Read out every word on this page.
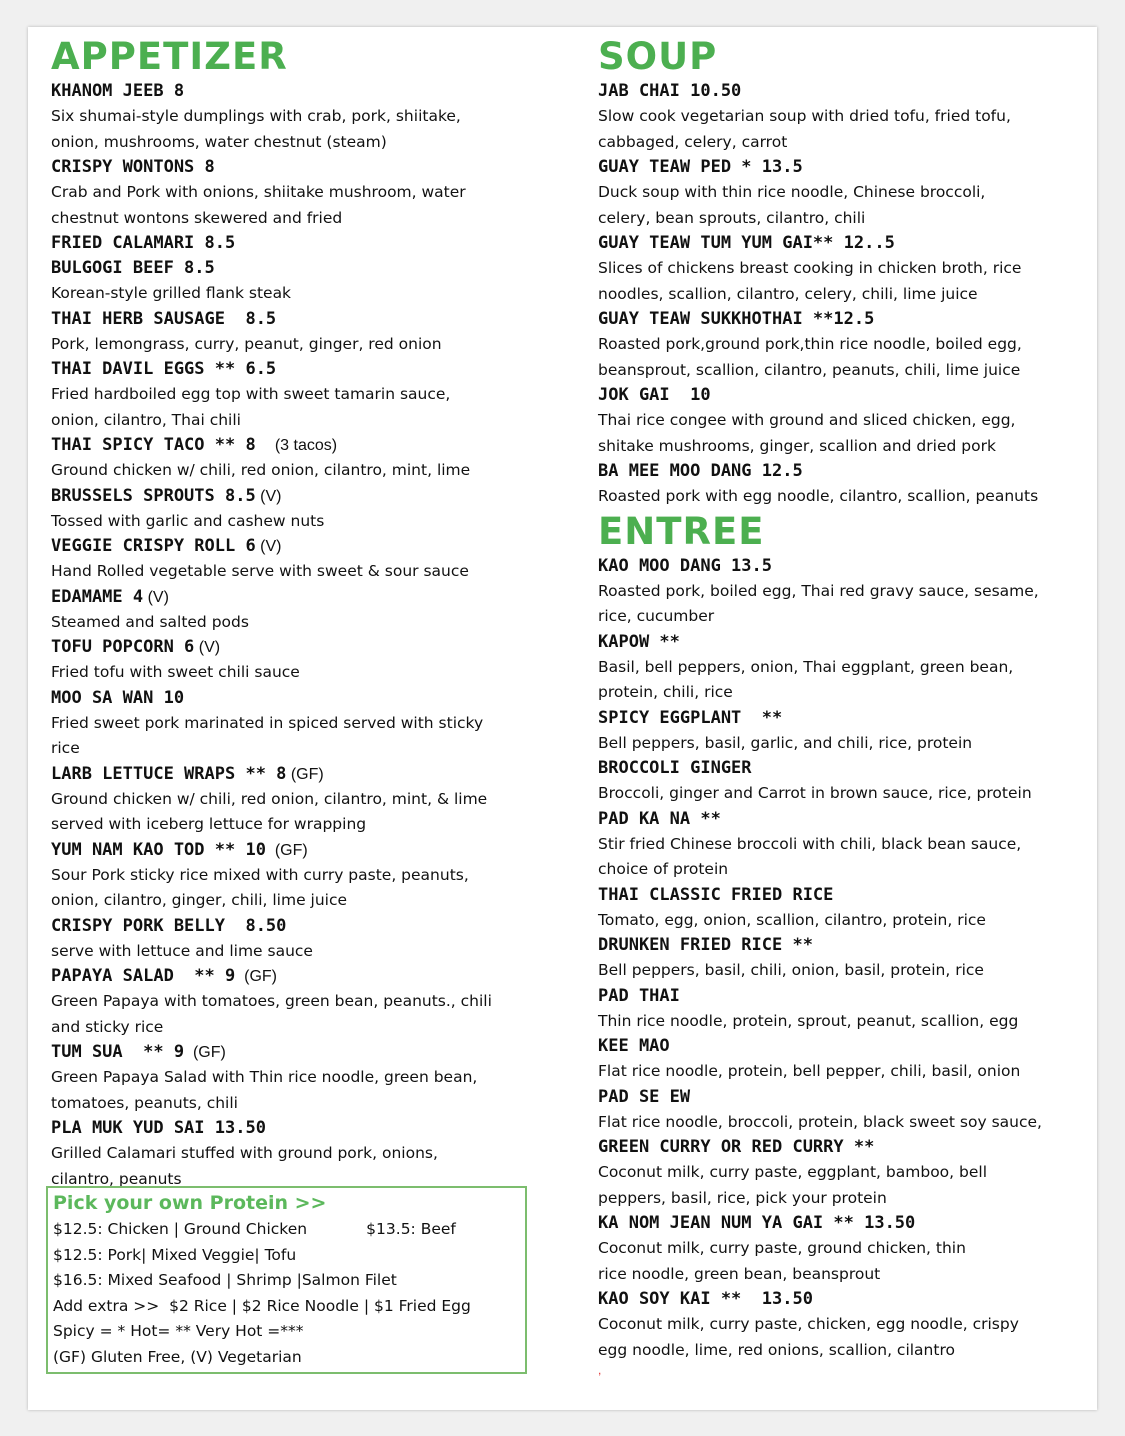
APPETIZER
KHANOM JEEB 8
Six shumai-style dumplings with crab, pork, shiitake,
onion, mushrooms, water chestnut (steam)
CRISPY WONTONS 8
Crab and Pork with onions, shiitake mushroom, water
chestnut wontons skewered and fried
FRIED CALAMARI 8.5
BULGOGI BEEF 8.5
Korean-style grilled flank steak
THAI HERB SAUSAGE  8.5
Pork, lemongrass, curry, peanut, ginger, red onion
THAI DAVIL EGGS ** 6.5
Fried hardboiled egg top with sweet tamarin sauce,
onion, cilantro, Thai chili
THAI SPICY TACO ** 8   (3 tacos)
Ground chicken w/ chili, red onion, cilantro, mint, lime
BRUSSELS SPROUTS 8.5 (V)
Tossed with garlic and cashew nuts
VEGGIE CRISPY ROLL 6 (V)
Hand Rolled vegetable serve with sweet & sour sauce
EDAMAME 4 (V)
Steamed and salted pods
TOFU POPCORN 6 (V)
Fried tofu with sweet chili sauce
MOO SA WAN 10
Fried sweet pork marinated in spiced served with sticky
rice
LARB LETTUCE WRAPS ** 8 (GF)
Ground chicken w/ chili, red onion, cilantro, mint, & lime
served with iceberg lettuce for wrapping
YUM NAM KAO TOD ** 10  (GF)
Sour Pork sticky rice mixed with curry paste, peanuts,
onion, cilantro, ginger, chili, lime juice
CRISPY PORK BELLY  8.50
serve with lettuce and lime sauce
PAPAYA SALAD  ** 9  (GF)
Green Papaya with tomatoes, green bean, peanuts., chili
and sticky rice
TUM SUA  ** 9  (GF)
Green Papaya Salad with Thin rice noodle, green bean,
tomatoes, peanuts, chili
PLA MUK YUD SAI 13.50
Grilled Calamari stuffed with ground pork, onions,
cilantro, peanuts
Pick your own Protein >>
$12.5: Chicken | Ground Chicken            $13.5: Beef
$12.5: Pork| Mixed Veggie| Tofu
$16.5: Mixed Seafood | Shrimp |Salmon Filet
Add extra >>  $2 Rice | $2 Rice Noodle | $1 Fried Egg
Spicy = * Hot= ** Very Hot =***
(GF) Gluten Free, (V) Vegetarian
SOUP
JAB CHAI 10.50
Slow cook vegetarian soup with dried tofu, fried tofu,
cabbaged, celery, carrot
GUAY TEAW PED * 13.5
Duck soup with thin rice noodle, Chinese broccoli,
celery, bean sprouts, cilantro, chili
GUAY TEAW TUM YUM GAI** 12..5
Slices of chickens breast cooking in chicken broth, rice
noodles, scallion, cilantro, celery, chili, lime juice
GUAY TEAW SUKKHOTHAI **12.5
Roasted pork,ground pork,thin rice noodle, boiled egg,
beansprout, scallion, cilantro, peanuts, chili, lime juice
JOK GAI  10
Thai rice congee with ground and sliced chicken, egg,
shitake mushrooms, ginger, scallion and dried pork
BA MEE MOO DANG 12.5
Roasted pork with egg noodle, cilantro, scallion, peanuts
ENTREE
KAO MOO DANG 13.5
Roasted pork, boiled egg, Thai red gravy sauce, sesame,
rice, cucumber
KAPOW **
Basil, bell peppers, onion, Thai eggplant, green bean,
protein, chili, rice
SPICY EGGPLANT  **
Bell peppers, basil, garlic, and chili, rice, protein
BROCCOLI GINGER
Broccoli, ginger and Carrot in brown sauce, rice, protein
PAD KA NA **
Stir fried Chinese broccoli with chili, black bean sauce,
choice of protein
THAI CLASSIC FRIED RICE
Tomato, egg, onion, scallion, cilantro, protein, rice
DRUNKEN FRIED RICE **
Bell peppers, basil, chili, onion, basil, protein, rice
PAD THAI
Thin rice noodle, protein, sprout, peanut, scallion, egg
KEE MAO
Flat rice noodle, protein, bell pepper, chili, basil, onion
PAD SE EW
Flat rice noodle, broccoli, protein, black sweet soy sauce,
GREEN CURRY OR RED CURRY **
Coconut milk, curry paste, eggplant, bamboo, bell
peppers, basil, rice, pick your protein
KA NOM JEAN NUM YA GAI ** 13.50
Coconut milk, curry paste, ground chicken, thin
rice noodle, green bean, beansprout
KAO SOY KAI **  13.50
Coconut milk, curry paste, chicken, egg noodle, crispy
egg noodle, lime, red onions, scallion, cilantro
,
